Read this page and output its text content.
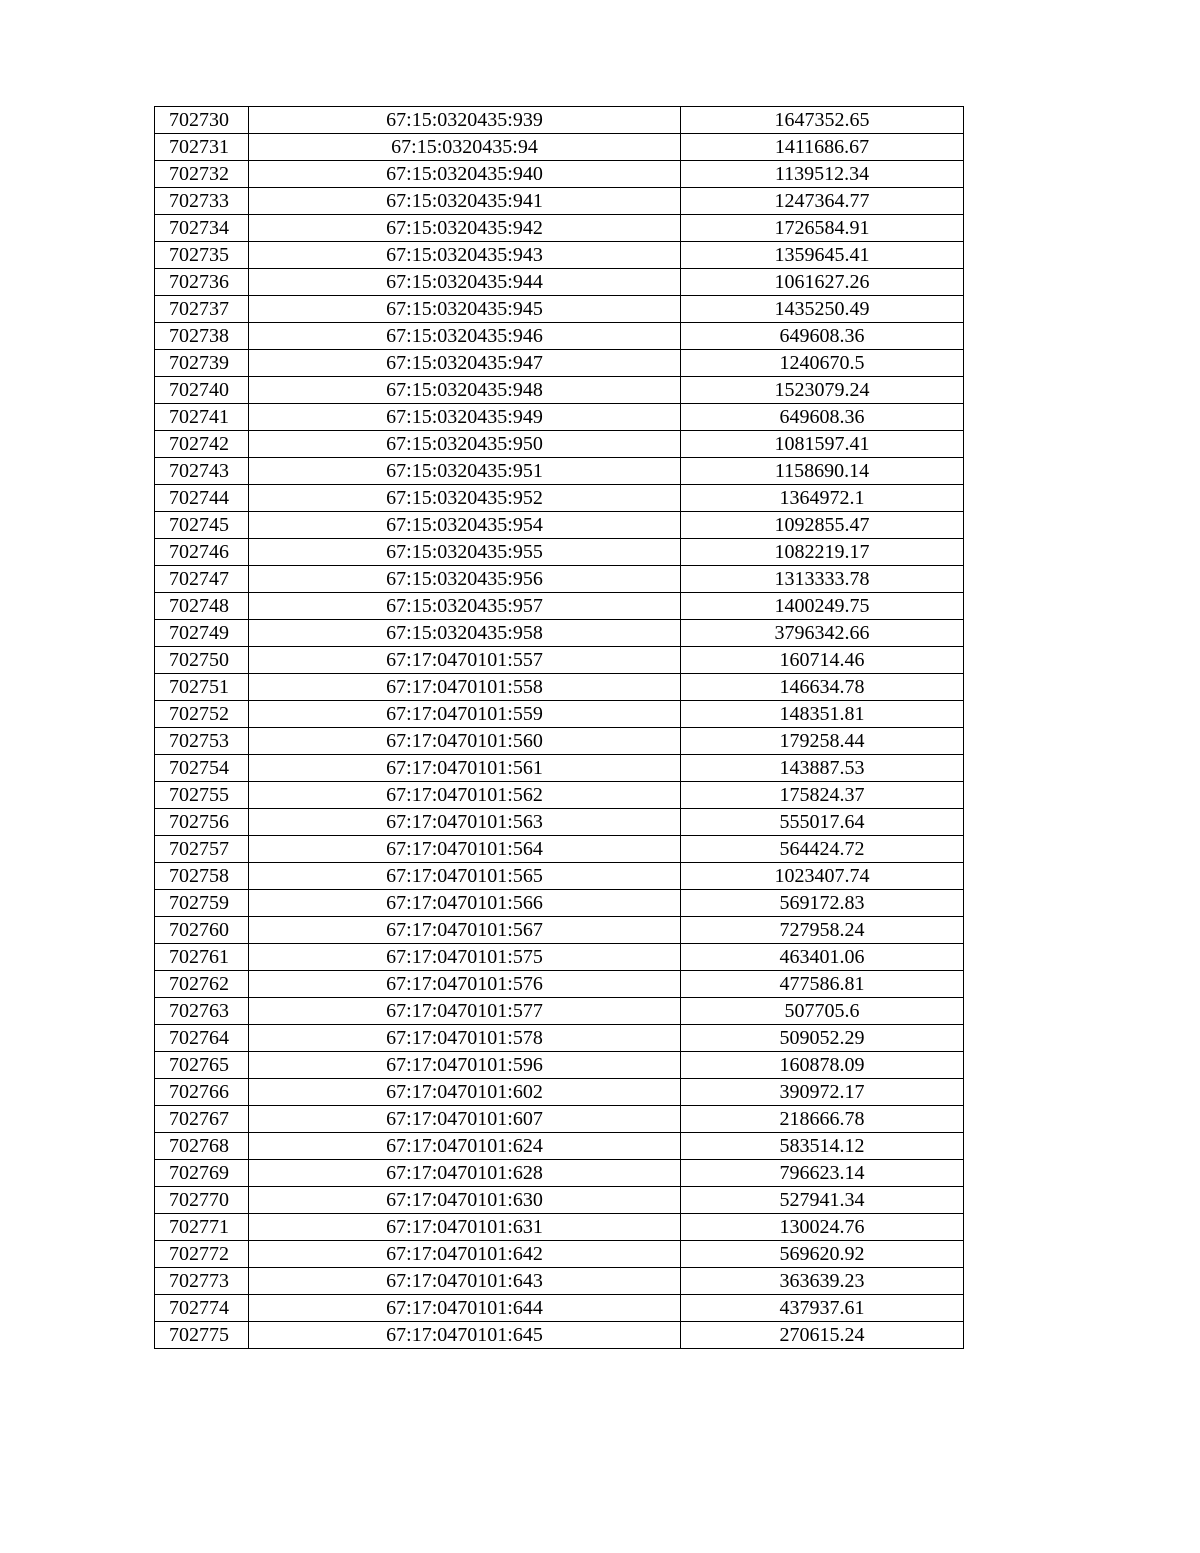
702730	67:15:0320435:939	1647352.65
702731	67:15:0320435:94	1411686.67
702732	67:15:0320435:940	1139512.34
702733	67:15:0320435:941	1247364.77
702734	67:15:0320435:942	1726584.91
702735	67:15:0320435:943	1359645.41
702736	67:15:0320435:944	1061627.26
702737	67:15:0320435:945	1435250.49
702738	67:15:0320435:946	649608.36
702739	67:15:0320435:947	1240670.5
702740	67:15:0320435:948	1523079.24
702741	67:15:0320435:949	649608.36
702742	67:15:0320435:950	1081597.41
702743	67:15:0320435:951	1158690.14
702744	67:15:0320435:952	1364972.1
702745	67:15:0320435:954	1092855.47
702746	67:15:0320435:955	1082219.17
702747	67:15:0320435:956	1313333.78
702748	67:15:0320435:957	1400249.75
702749	67:15:0320435:958	3796342.66
702750	67:17:0470101:557	160714.46
702751	67:17:0470101:558	146634.78
702752	67:17:0470101:559	148351.81
702753	67:17:0470101:560	179258.44
702754	67:17:0470101:561	143887.53
702755	67:17:0470101:562	175824.37
702756	67:17:0470101:563	555017.64
702757	67:17:0470101:564	564424.72
702758	67:17:0470101:565	1023407.74
702759	67:17:0470101:566	569172.83
702760	67:17:0470101:567	727958.24
702761	67:17:0470101:575	463401.06
702762	67:17:0470101:576	477586.81
702763	67:17:0470101:577	507705.6
702764	67:17:0470101:578	509052.29
702765	67:17:0470101:596	160878.09
702766	67:17:0470101:602	390972.17
702767	67:17:0470101:607	218666.78
702768	67:17:0470101:624	583514.12
702769	67:17:0470101:628	796623.14
702770	67:17:0470101:630	527941.34
702771	67:17:0470101:631	130024.76
702772	67:17:0470101:642	569620.92
702773	67:17:0470101:643	363639.23
702774	67:17:0470101:644	437937.61
702775	67:17:0470101:645	270615.24
